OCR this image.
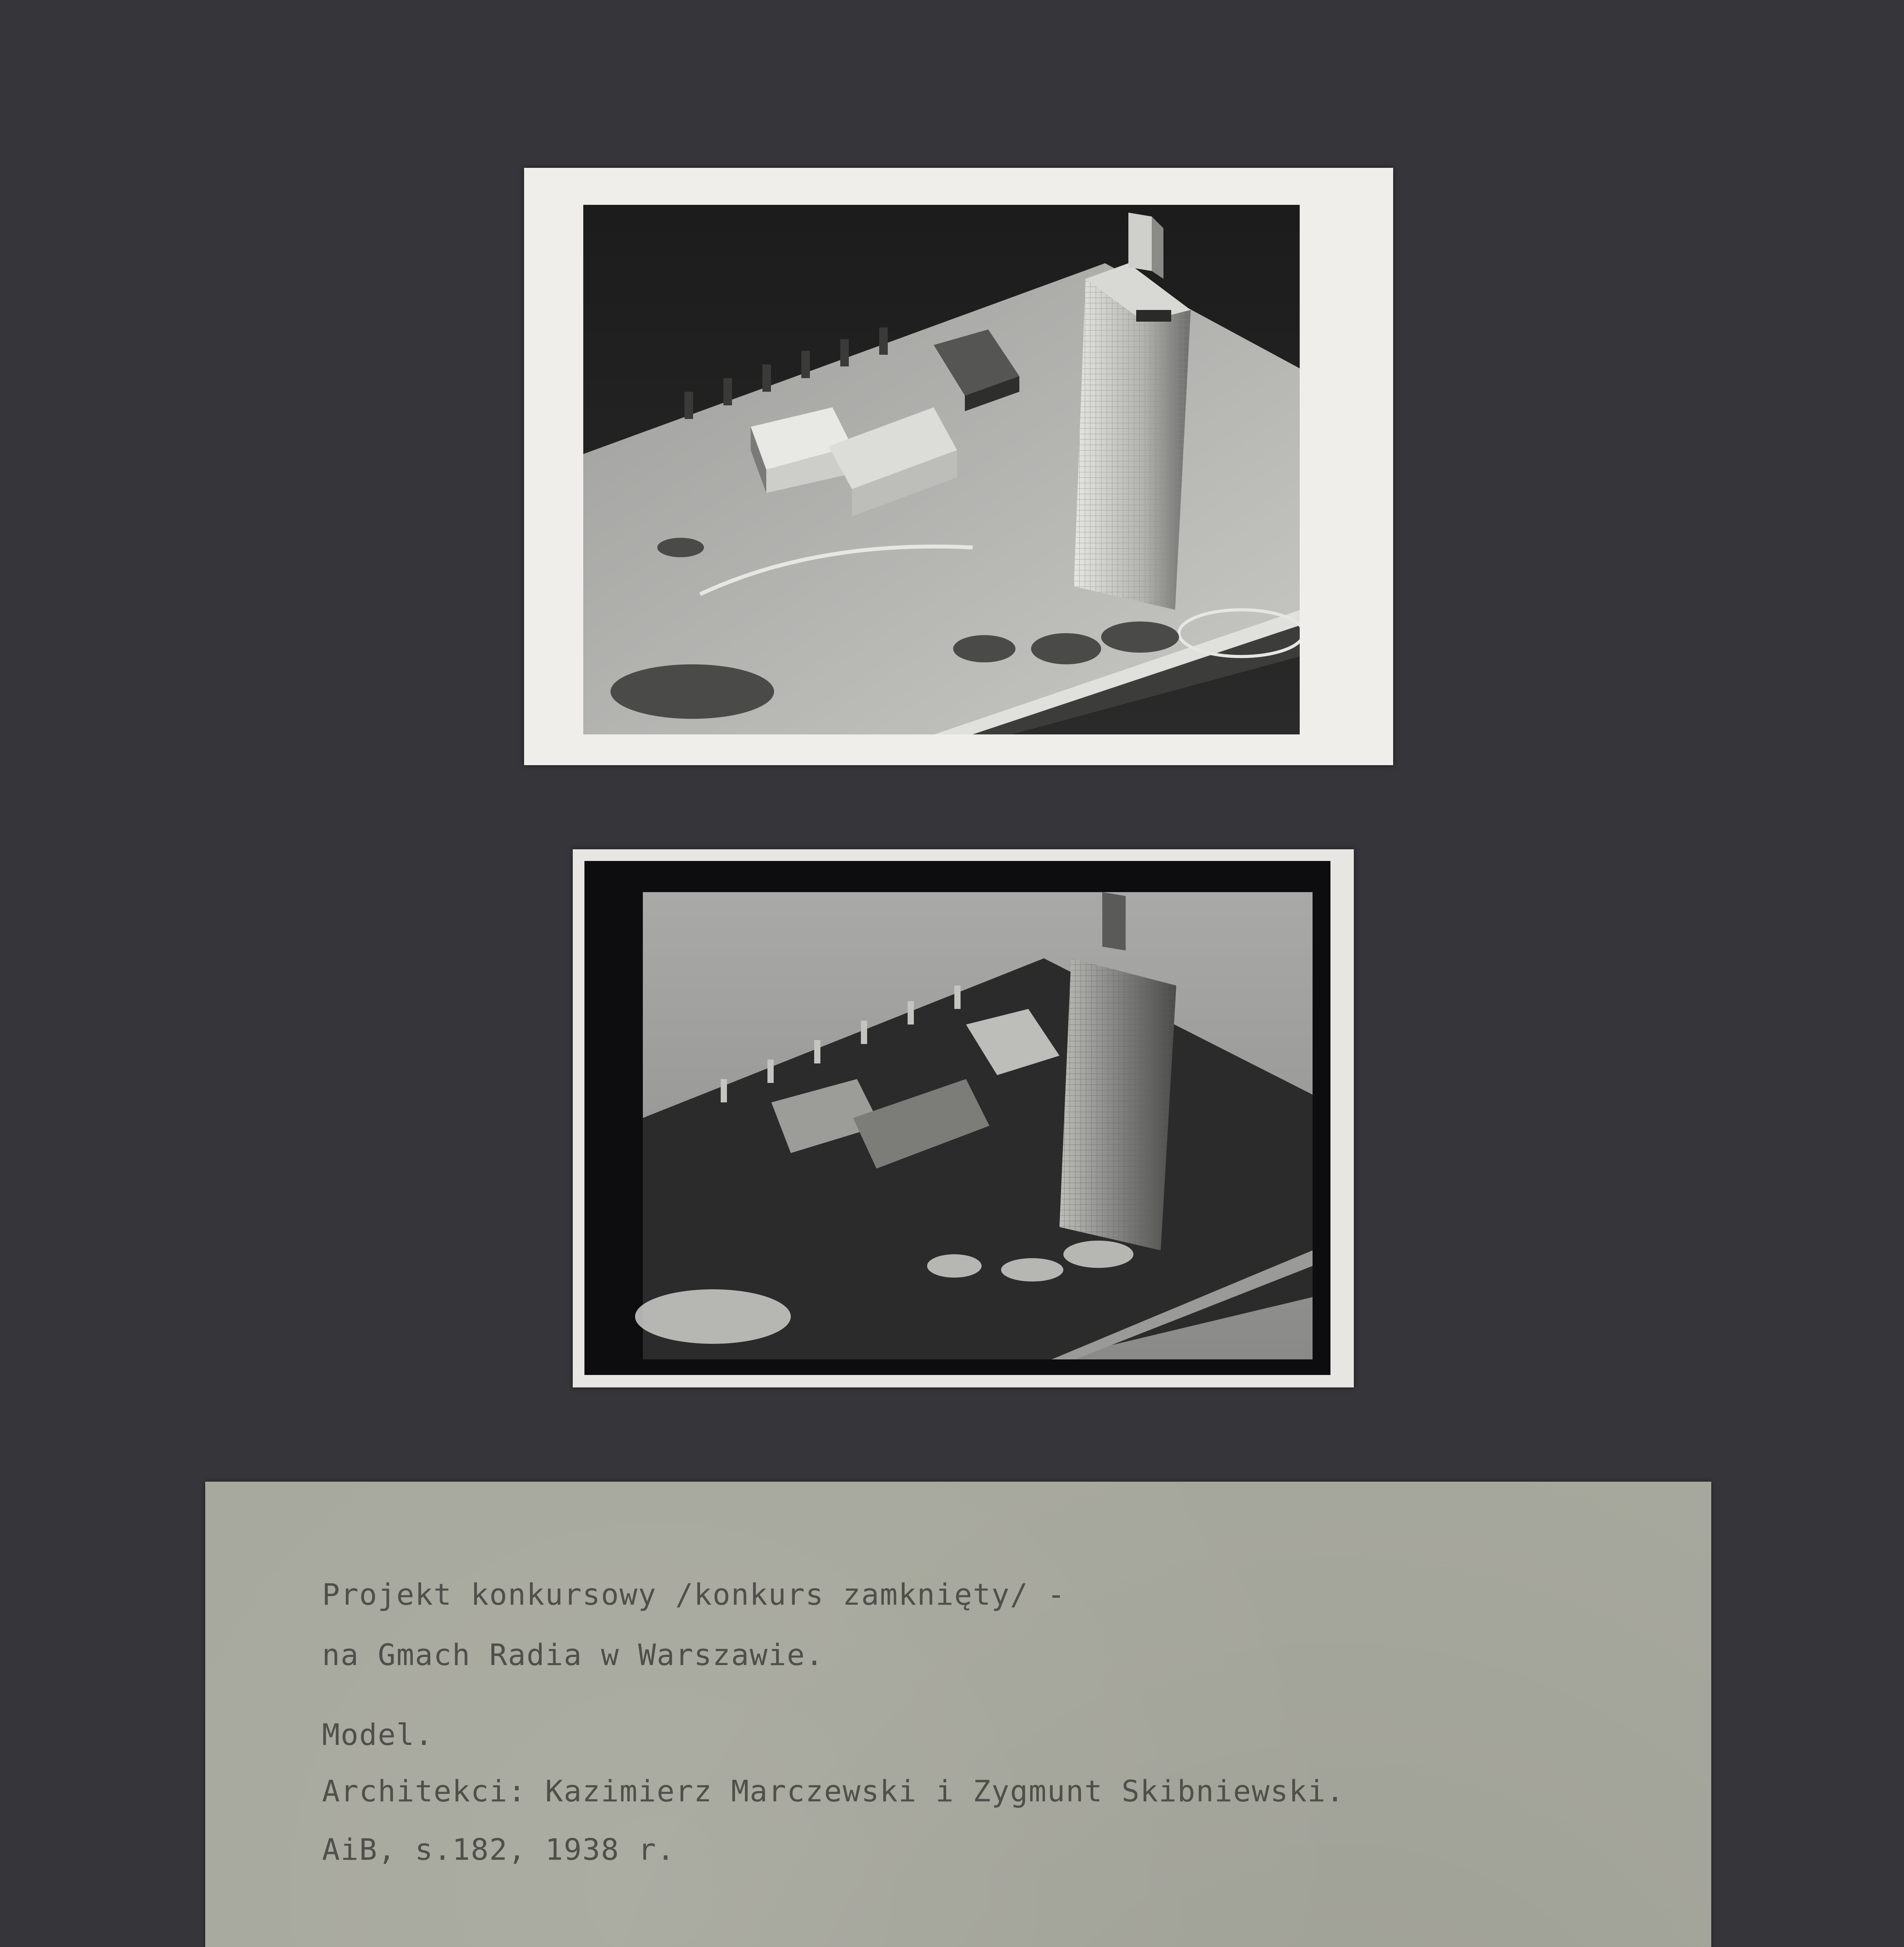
Projekt konkursowy /konkurs zamknięty/ -

na Gmach Radia w Warszawie.

Model.

Architekci: Kazimierz Marczewski i Zygmunt Skibniewski.

AiB, s.182, 1938 r.
